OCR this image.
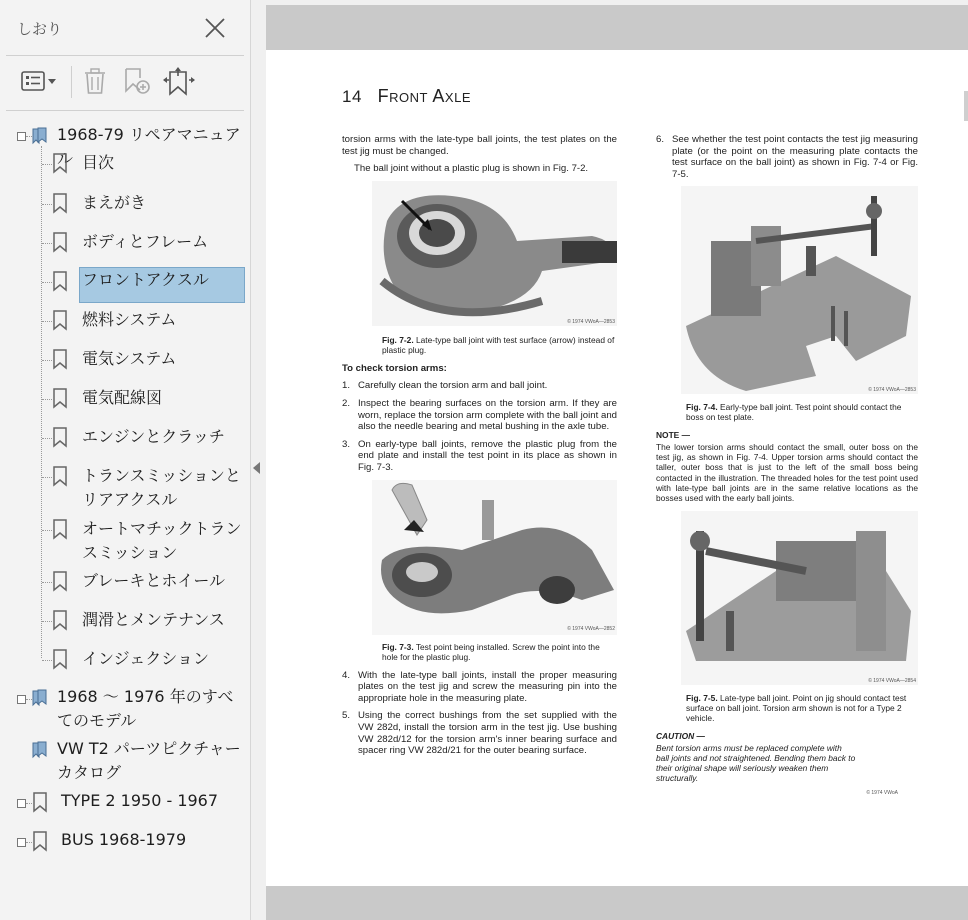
しおり
1968-79 リペアマニュアル 目次
まえがき
ボディとフレーム
フロントアクスル
燃料システム
電気システム
電気配線図
エンジンとクラッチ
トランスミッションとリアアクスル
オートマチックトランスミッション
ブレーキとホイール
潤滑とメンテナンス
インジェクション
1968 〜 1976 年のすべてのモデル
VW T2 パーツピクチャーカタログ
TYPE 2 1950 - 1967
BUS 1968-1979
14 Front Axle

torsion arms with the late-type ball joints, the test plates on the test jig must be changed.

The ball joint without a plastic plug is shown in Fig. 7-2.

© 1974 VWoA—2853
Fig. 7-2. Late-type ball joint with test surface (arrow) instead of plastic plug.

To check torsion arms:

1. Carefully clean the torsion arm and ball joint.
2. Inspect the bearing surfaces on the torsion arm. If they are worn, replace the torsion arm complete with the ball joint and also the needle bearing and metal bushing in the axle tube.
3. On early-type ball joints, remove the plastic plug from the end plate and install the test point in its place as shown in Fig. 7-3.
© 1974 VWoA—2852
Fig. 7-3. Test point being installed. Screw the point into the hole for the plastic plug.
4. With the late-type ball joints, install the proper measuring plates on the test jig and screw the measuring pin into the appropriate hole in the measuring plate.
5. Using the correct bushings from the set supplied with the VW 282d, install the torsion arm in the test jig. Use bushing VW 282d/12 for the torsion arm's inner bearing surface and spacer ring VW 282d/21 for the outer bearing surface.
6. See whether the test point contacts the test jig measuring plate (or the point on the measuring plate contacts the test surface on the ball joint) as shown in Fig. 7-4 or Fig. 7-5.
© 1974 VWoA—2853
Fig. 7-4. Early-type ball joint. Test point should contact the boss on test plate.
NOTE —
The lower torsion arms should contact the small, outer boss on the test jig, as shown in Fig. 7-4. Upper torsion arms should contact the taller, outer boss that is just to the left of the small boss being contacted in the illustration. The threaded holes for the test point used with late-type ball joints are in the same relative locations as the bosses used with the early ball joints.
© 1974 VWoA—2854
Fig. 7-5. Late-type ball joint. Point on jig should contact test surface on ball joint. Torsion arm shown is not for a Type 2 vehicle.
CAUTION —
Bent torsion arms must be replaced complete with ball joints and not straightened. Bending them back to their original shape will seriously weaken them structurally.
© 1974 VWoA
